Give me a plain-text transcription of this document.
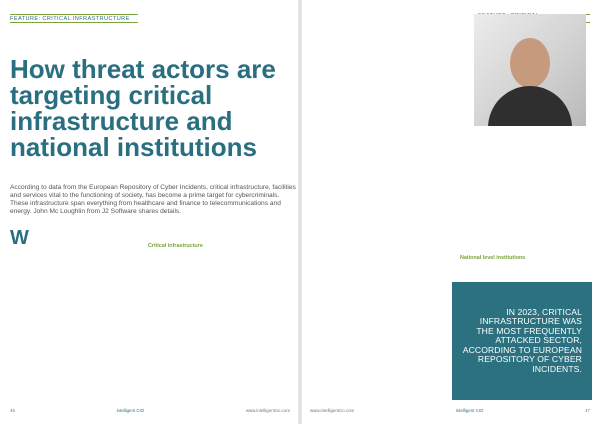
FEATURE: CRITICAL INFRASTRUCTURE
How threat actors are targeting critical infrastructure and national institutions

According to data from the European Repository of Cyber Incidents, critical infrastructure, facilities and services vital to the functioning of society, has become a prime target for cybercriminals. These infrastructure span everything from healthcare and finance to telecommunications and energy. John Mc Loughlin from J2 Software shares details.

W	Critical infrastructure
46	intelligent CIO	www.intelligentcio.com
National level institutions
www.intelligentcio.com	intelligent CIO	47
IN 2023, CRITICAL INFRASTRUCTURE WAS THE MOST FREQUENTLY ATTACKED SECTOR, ACCORDING TO EUROPEAN REPOSITORY OF CYBER INCIDENTS.
